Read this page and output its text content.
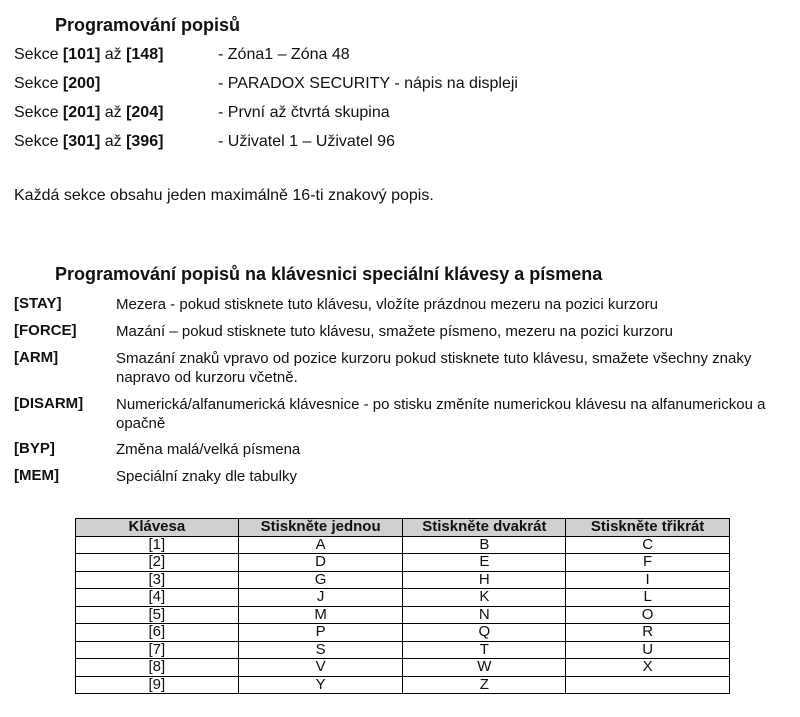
Programování popisů
Sekce [101] až [148]	- Zóna1 – Zóna 48
Sekce [200]	- PARADOX SECURITY - nápis na displeji
Sekce [201] až [204]	- První až čtvrtá skupina
Sekce [301] až [396]	- Uživatel 1 – Uživatel 96
Každá sekce obsahu jeden maximálně 16-ti znakový popis.
Programování popisů na klávesnici speciální klávesy a písmena
[STAY]	Mezera - pokud stisknete tuto klávesu, vložíte prázdnou mezeru na pozici kurzoru
[FORCE]	Mazání – pokud stisknete tuto klávesu, smažete písmeno, mezeru na pozici kurzoru
[ARM]	Smazání znaků vpravo od pozice kurzoru pokud stisknete tuto klávesu, smažete všechny znaky napravo od kurzoru včetně.
[DISARM] Numerická/alfanumerická klávesnice - po stisku změníte numerickou klávesu na alfanumerickou a opačně
[BYP]	Změna malá/velká písmena
[MEM]	Speciální znaky dle tabulky
Klávesa	Stiskněte jednou	Stiskněte dvakrát	Stiskněte třikrát
[1]	A	B	C
[2]	D	E	F
[3]	G	H	I
[4]	J	K	L
[5]	M	N	O
[6]	P	Q	R
[7]	S	T	U
[8]	V	W	X
[9]	Y	Z	
